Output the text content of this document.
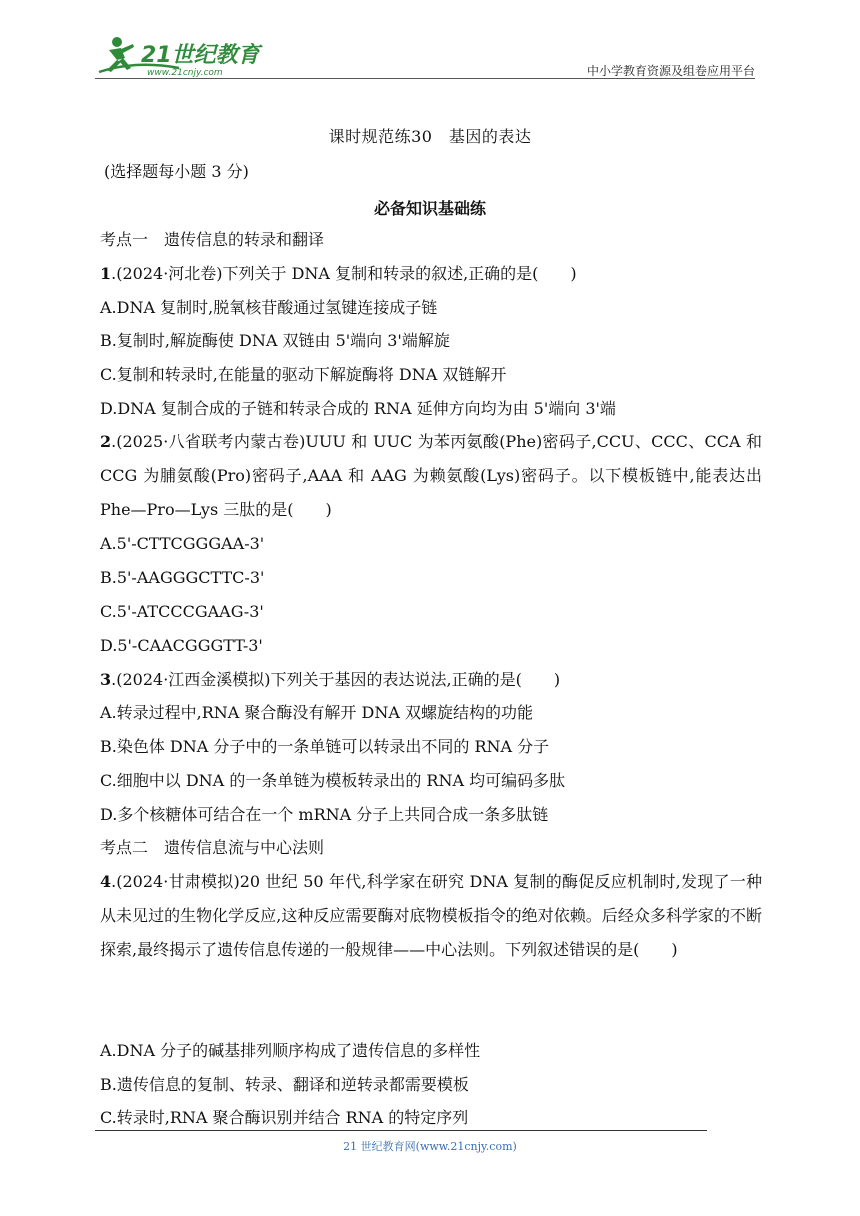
21世纪教育
www.21cnjy.com	中小学教育资源及组卷应用平台
课时规范练30　基因的表达
(选择题每小题 3 分)
必备知识基础练
考点一　遗传信息的转录和翻译
1.(2024·河北卷)下列关于 DNA 复制和转录的叙述,正确的是(　　)
A.DNA 复制时,脱氧核苷酸通过氢键连接成子链
B.复制时,解旋酶使 DNA 双链由 5'端向 3'端解旋
C.复制和转录时,在能量的驱动下解旋酶将 DNA 双链解开
D.DNA 复制合成的子链和转录合成的 RNA 延伸方向均为由 5'端向 3'端
2.(2025·八省联考内蒙古卷)UUU 和 UUC 为苯丙氨酸(Phe)密码子,CCU、CCC、CCA 和 CCG 为脯氨酸(Pro)密码子,AAA 和 AAG 为赖氨酸(Lys)密码子。以下模板链中,能表达出 Phe—Pro—Lys 三肽的是(　　)
A.5'-CTTCGGGAA-3'
B.5'-AAGGGCTTC-3'
C.5'-ATCCCGAAG-3'
D.5'-CAACGGGTT-3'
3.(2024·江西金溪模拟)下列关于基因的表达说法,正确的是(　　)
A.转录过程中,RNA 聚合酶没有解开 DNA 双螺旋结构的功能
B.染色体 DNA 分子中的一条单链可以转录出不同的 RNA 分子
C.细胞中以 DNA 的一条单链为模板转录出的 RNA 均可编码多肽
D.多个核糖体可结合在一个 mRNA 分子上共同合成一条多肽链
考点二　遗传信息流与中心法则
4.(2024·甘肃模拟)20 世纪 50 年代,科学家在研究 DNA 复制的酶促反应机制时,发现了一种从未见过的生物化学反应,这种反应需要酶对底物模板指令的绝对依赖。后经众多科学家的不断探索,最终揭示了遗传信息传递的一般规律——中心法则。下列叙述错误的是(　　)
A.DNA 分子的碱基排列顺序构成了遗传信息的多样性
B.遗传信息的复制、转录、翻译和逆转录都需要模板
C.转录时,RNA 聚合酶识别并结合 RNA 的特定序列
21 世纪教育网(www.21cnjy.com)
